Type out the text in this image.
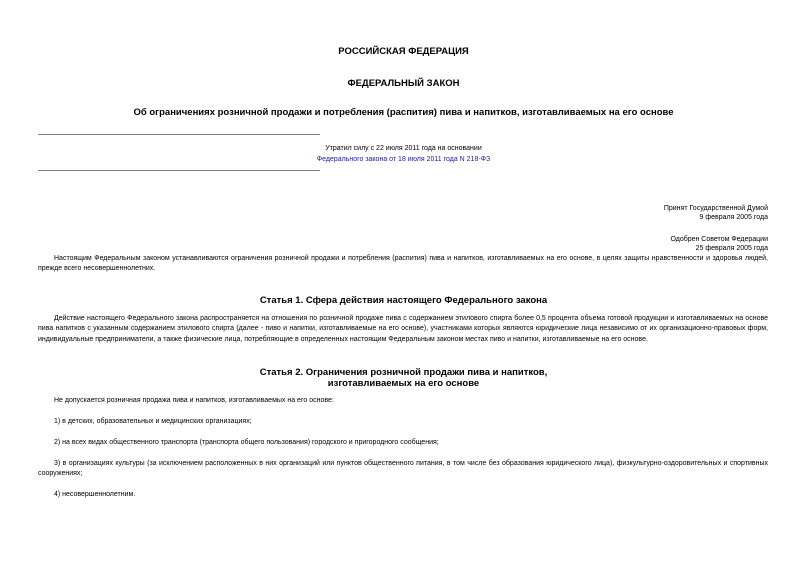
РОССИЙСКАЯ ФЕДЕРАЦИЯ
ФЕДЕРАЛЬНЫЙ ЗАКОН
Об ограничениях розничной продажи и потребления (распития) пива и напитков, изготавливаемых на его основе
Утратил силу с 22 июля 2011 года на основании
Федерального закона от 18 июля 2011 года N 218-ФЗ
Принят Государственной Думой
9 февраля 2005 года
Одобрен Советом Федерации
25 февраля 2005 года
Настоящим Федеральным законом устанавливаются ограничения розничной продажи и потребления (распития) пива и напитков, изготавливаемых на его основе, в целях защиты нравственности и здоровья людей, прежде всего несовершеннолетних.
Статья 1. Сфера действия настоящего Федерального закона
Действие настоящего Федерального закона распространяется на отношения по розничной продаже пива с содержанием этилового спирта более 0,5 процента объема готовой продукции и изготавливаемых на основе пива напитков с указанным содержанием этилового спирта (далее - пиво и напитки, изготавливаемые на его основе), участниками которых являются юридические лица независимо от их организационно-правовых форм, индивидуальные предприниматели, а также физические лица, потребляющие в определенных настоящим Федеральным законом местах пиво и напитки, изготавливаемые на его основе.
Статья 2. Ограничения розничной продажи пива и напитков,
изготавливаемых на его основе
Не допускается розничная продажа пива и напитков, изготавливаемых на его основе:
1) в детских, образовательных и медицинских организациях;
2) на всех видах общественного транспорта (транспорта общего пользования) городского и пригородного сообщения;
3) в организациях культуры (за исключением расположенных в них организаций или пунктов общественного питания, в том числе без образования юридического лица), физкультурно-оздоровительных и спортивных сооружениях;
4) несовершеннолетним.
